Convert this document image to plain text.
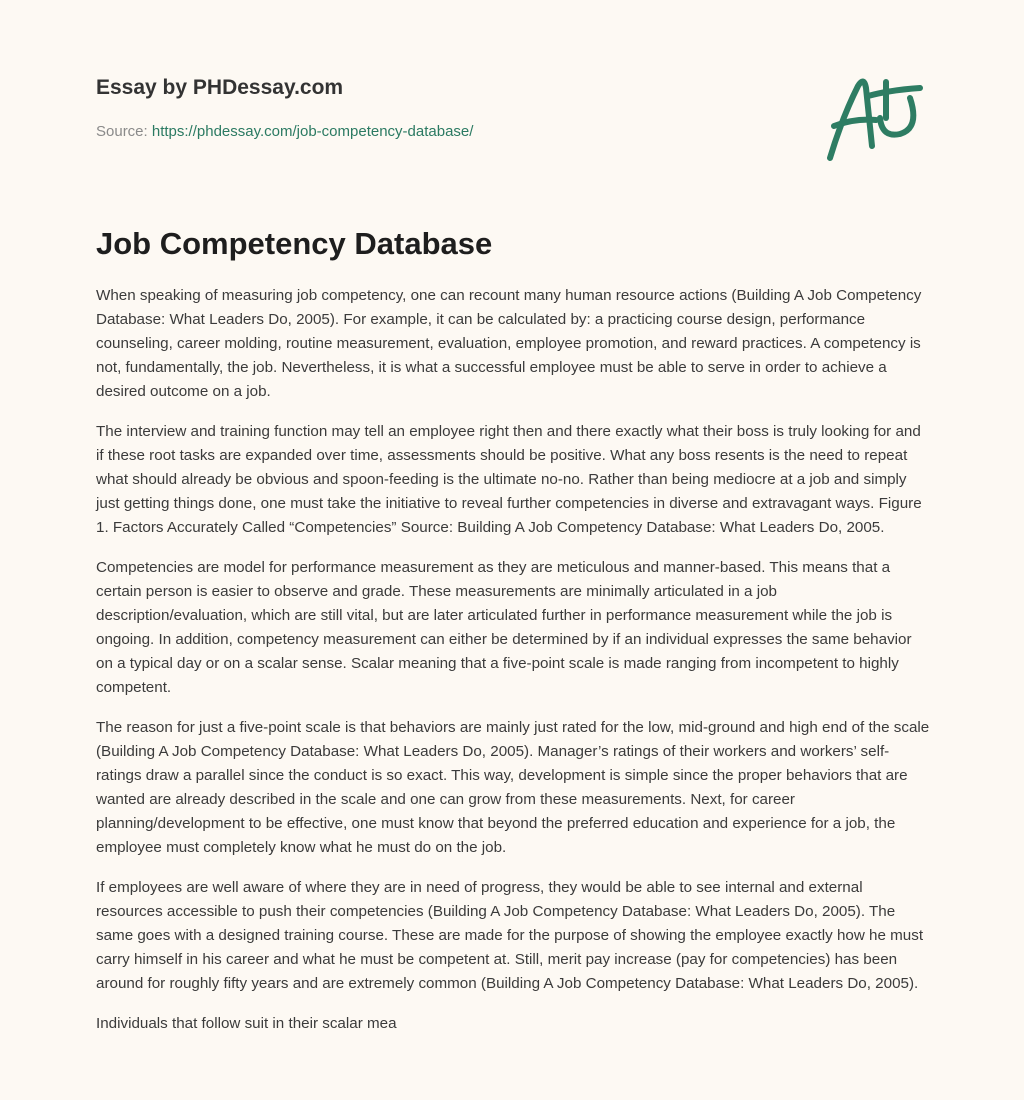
Essay by PHDessay.com
Source: https://phdessay.com/job-competency-database/
Job Competency Database

When speaking of measuring job competency, one can recount many human resource actions (Building A Job Competency Database: What Leaders Do, 2005). For example, it can be calculated by: a practicing course design, performance counseling, career molding, routine measurement, evaluation, employee promotion, and reward practices. A competency is not, fundamentally, the job. Nevertheless, it is what a successful employee must be able to serve in order to achieve a desired outcome on a job.

The interview and training function may tell an employee right then and there exactly what their boss is truly looking for and if these root tasks are expanded over time, assessments should be positive. What any boss resents is the need to repeat what should already be obvious and spoon-feeding is the ultimate no-no. Rather than being mediocre at a job and simply just getting things done, one must take the initiative to reveal further competencies in diverse and extravagant ways. Figure 1. Factors Accurately Called “Competencies” Source: Building A Job Competency Database: What Leaders Do, 2005.

Competencies are model for performance measurement as they are meticulous and manner-based. This means that a certain person is easier to observe and grade. These measurements are minimally articulated in a job description/evaluation, which are still vital, but are later articulated further in performance measurement while the job is ongoing. In addition, competency measurement can either be determined by if an individual expresses the same behavior on a typical day or on a scalar sense. Scalar meaning that a five-point scale is made ranging from incompetent to highly competent.

The reason for just a five-point scale is that behaviors are mainly just rated for the low, mid-ground and high end of the scale (Building A Job Competency Database: What Leaders Do, 2005). Manager’s ratings of their workers and workers’ self-ratings draw a parallel since the conduct is so exact. This way, development is simple since the proper behaviors that are wanted are already described in the scale and one can grow from these measurements. Next, for career planning/development to be effective, one must know that beyond the preferred education and experience for a job, the employee must completely know what he must do on the job.

If employees are well aware of where they are in need of progress, they would be able to see internal and external resources accessible to push their competencies (Building A Job Competency Database: What Leaders Do, 2005). The same goes with a designed training course. These are made for the purpose of showing the employee exactly how he must carry himself in his career and what he must be competent at. Still, merit pay increase (pay for competencies) has been around for roughly fifty years and are extremely common (Building A Job Competency Database: What Leaders Do, 2005).

Individuals that follow suit in their scalar mea
